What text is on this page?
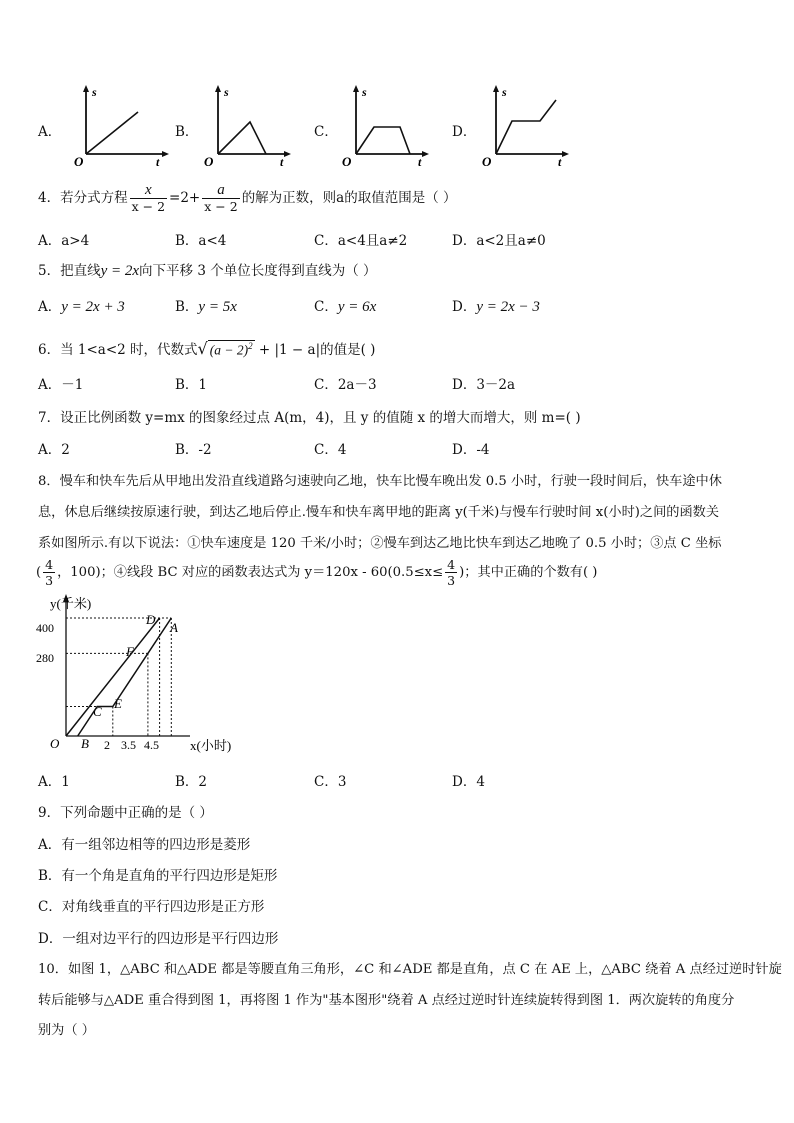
A．	B．	C．	D．
s
O	t
s
O	t
s
O	t
s
O	t
4．若分式方程 $\frac{x}{x - 2} =2+ \frac{a}{x - 2}$ 的解为正数，则a的取值范围是（ ）
A．a>4	B．a<4	C．a<4且a≠2	D．a<2且a≠0
5．把直线y = 2x向下平移 3 个单位长度得到直线为（ ）
A．y = 2x + 3	B．y = 5x	C．y = 6x	D．y = 2x − 3
6．当 1<a<2 时，代数式√ $(a - 2)^2 + |1 - a|$的值是( )
A．－1	B．1	C．2a－3	D．3－2a
7．设正比例函数 y=mx 的图象经过点 A(m，4)，且 y 的值随 x 的增大而增大，则 m=( )
A．2	B．-2	C．4	D．-4
8．慢车和快车先后从甲地出发沿直线道路匀速驶向乙地，快车比慢车晚出发 0.5 小时，行驶一段时间后，快车途中休
息，休息后继续按原速行驶，到达乙地后停止.慢车和快车离甲地的距离 y(千米)与慢车行驶时间 x(小时)之间的函数关
系如图所示.有以下说法：①快车速度是 120 千米/小时；②慢车到达乙地比快车到达乙地晚了 0.5 小时；③点 C 坐标
( $\frac{4}{3}$ ，100)；④线段 BC 对应的函数表达式为 $y=120x - 60(0.5\le x\le \frac{4}{3}$ )；其中正确的个数有( )
y(千米)
x(小时)
O
400
280
2 3.5 4.5
B
C
E
F
D
A
A．1	B．2	C．3	D．4
9．下列命题中正确的是（ ）
A．有一组邻边相等的四边形是菱形
B．有一个角是直角的平行四边形是矩形
C．对角线垂直的平行四边形是正方形
D．一组对边平行的四边形是平行四边形
10．如图 1，△ABC 和△ADE 都是等腰直角三角形，∠C 和∠ADE 都是直角，点 C 在 AE 上，△ABC 绕着 A 点经过逆时针旋
转后能够与△ADE 重合得到图 1，再将图 1 作为"基本图形"绕着 A 点经过逆时针连续旋转得到图 1．两次旋转的角度分
别为（ ）
